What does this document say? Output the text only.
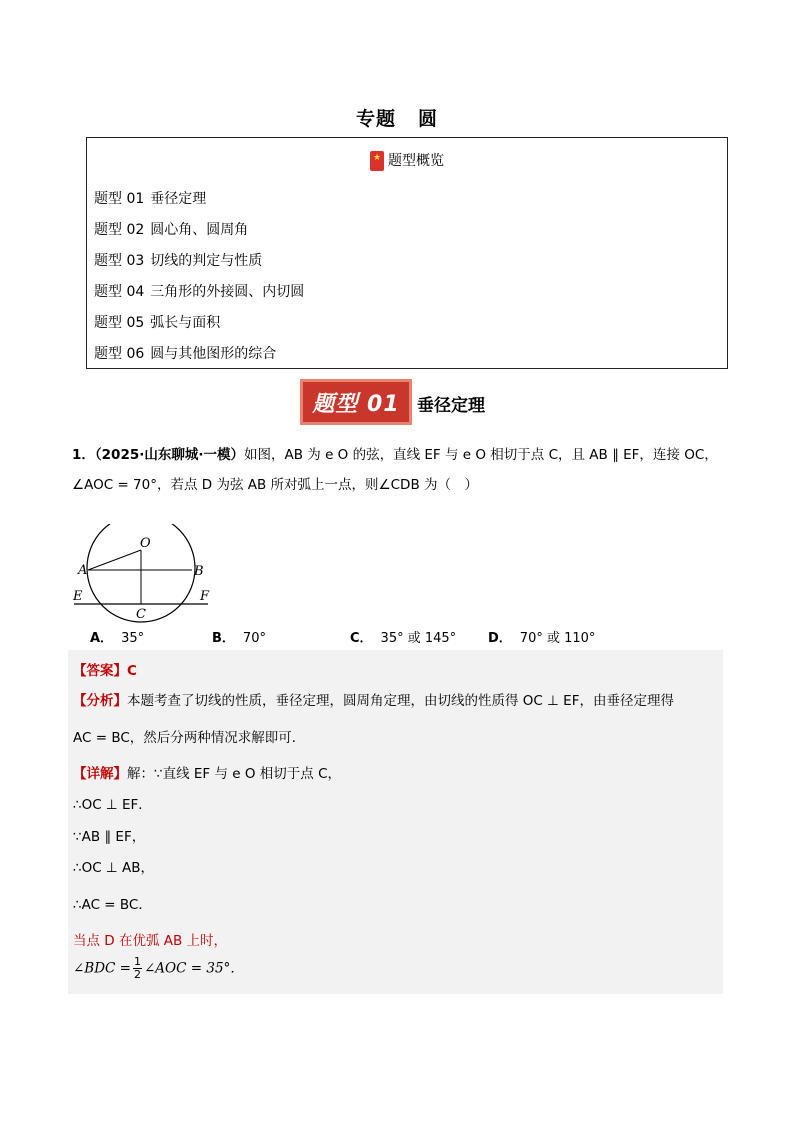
专题 圆
★题型概览
题型 01 垂径定理
题型 02 圆心角、圆周角
题型 03 切线的判定与性质
题型 04 三角形的外接圆、内切圆
题型 05 弧长与面积
题型 06 圆与其他图形的综合
题型 01	垂径定理
1．（2025·山东聊城·一模）如图，AB 为 e O 的弦，直线 EF 与 e O 相切于点 C，且 AB ∥ EF，连接 OC，
∠AOC = 70°，若点 D 为弦 AB 所对弧上一点，则∠CDB 为（　）
O
A	B
E	F
C
A． 35°	B． 70°	C． 35° 或 145° D． 70° 或 110°
【答案】C
【分析】本题考查了切线的性质，垂径定理，圆周角定理，由切线的性质得 OC ⊥ EF，由垂径定理得
AC = BC，然后分两种情况求解即可．
【详解】解：∵直线 EF 与 e O 相切于点 C，
∴OC ⊥ EF．
∵AB ∥ EF，
∴OC ⊥ AB，
∴AC = BC．
当点 D 在优弧 AB 上时，
∠BDC = $\frac{1}{2}$ ∠AOC = 35°．
